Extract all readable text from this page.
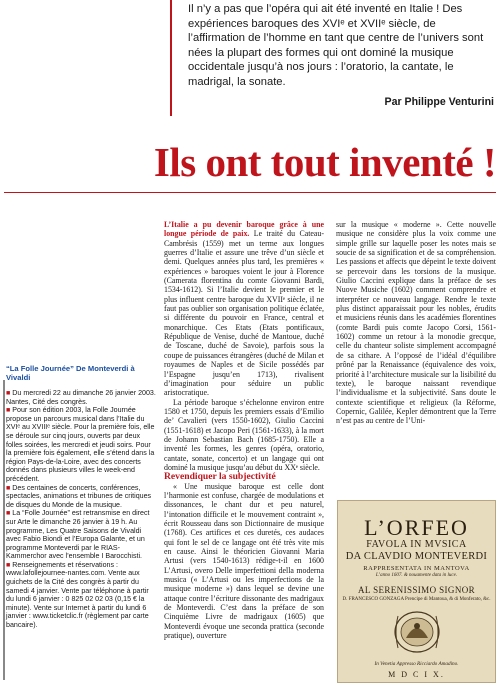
Il n’y a pas que l’opéra qui ait été inventé en Italie ! Des expériences baroques des XVIᵉ et XVIIᵉ siècle, de l’affirmation de l’homme en tant que centre de l’univers sont nées la plupart des formes qui ont dominé la musique occidentale jusqu’à nos jours : l’oratorio, la cantate, le madrigal, la sonate.
Par Philippe Venturini
Ils ont tout inventé !
“La Folle Journée” De Monteverdi à Vivaldi

■ Du mercredi 22 au dimanche 26 janvier 2003. Nantes, Cité des congrès.

■ Pour son édition 2003, la Folle Journée propose un parcours musical dans l’Italie du XVIᵉ au XVIIIᵉ siècle. Pour la première fois, elle se déroule sur cinq jours, ouverts par deux folles soirées, les mercredi et jeudi soirs. Pour la première fois également, elle s’étend dans la région Pays-de-la-Loire, avec des concerts donnés dans plusieurs villes le week-end précédent.

■ Des centaines de concerts, conférences, spectacles, animations et tribunes de critiques de disques du Monde de la musique.

■ La “Folle Journée” est retransmise en direct sur Arte le dimanche 26 janvier à 19 h. Au programme, Les Quatre Saisons de Vivaldi avec Fabio Biondi et l’Europa Galante, et un programme Monteverdi par le RIAS-Kammerchor avec l’ensemble I Barocchisti.

■ Renseignements et réservations : www.lafollejournee-nantes.com. Vente aux guichets de la Cité des congrès à partir du samedi 4 janvier. Vente par téléphone à partir du lundi 6 janvier : 0 825 02 02 03 (0,15 € la minute). Vente sur Internet à partir du lundi 6 janvier : www.ticketclic.fr (règlement par carte bancaire).

L’Italie a pu devenir baroque grâce à une longue période de paix. Le traité du Cateau-Cambrésis (1559) met un terme aux longues guerres d’Italie et assure une trêve d’un siècle et demi. Quelques années plus tard, les premières « expériences » baroques voient le jour à Florence (Camerata florentina du comte Giovanni Bardi, 1534-1612). Si l’Italie devient le premier et le plus influent centre baroque du XVIIᵉ siècle, il ne faut pas oublier son organisation politique éclatée, si différente du pouvoir en France, central et monarchique. Ces Etats (Etats pontificaux, République de Venise, duché de Mantoue, duché de Toscane, duché de Savoie), parfois sous la coupe de puissances étrangères (duché de Milan et royaumes de Naples et de Sicile possédés par l’Espagne jusqu’en 1713), rivalisent d’imagination pour séduire un public aristocratique.

La période baroque s’échelonne environ entre 1580 et 1750, depuis les premiers essais d’Emilio de’ Cavalieri (vers 1550-1602), Giulio Caccini (1551-1618) et Jacopo Peri (1561-1633), à la mort de Johann Sebastian Bach (1685-1750). Elle a inventé les formes, les genres (opéra, oratorio, cantate, sonate, concerto) et un langage qui ont dominé la musique jusqu’au début du XXᵉ siècle.

Revendiquer la subjectivité

« Une musique baroque est celle dont l’harmonie est confuse, chargée de modulations et dissonances, le chant dur et peu naturel, l’intonation difficile et le mouvement contraint », écrit Rousseau dans son Dictionnaire de musique (1768). Ces artifices et ces duretés, ces audaces qui font le sel de ce langage ont été très vite mis en cause. Ainsi le théoricien Giovanni Maria Artusi (vers 1540-1613) rédige-t-il en 1600 L’Artusi, overo Delle imperfettioni della moderna musica (« L’Artusi ou les imperfections de la musique moderne ») dans lequel se devine une attaque contre l’écriture dissonante des madrigaux de Monteverdi. C’est dans la préface de son Cinquième Livre de madrigaux (1605) que Monteverdi évoque une seconda prattica (seconde pratique), ouverture

sur la musique « moderne ». Cette nouvelle musique ne considère plus la voix comme une simple grille sur laquelle poser les notes mais se soucie de sa signification et de sa compréhension. Les passions et affects que dépeint le texte doivent se percevoir dans les torsions de la musique. Giulio Caccini explique dans la préface de ses Nuove Musiche (1602) comment comprendre et interpréter ce nouveau langage. Rendre le texte plus distinct apparaissait pour les nobles, érudits et musiciens réunis dans les académies florentines (comte Bardi puis comte Jacopo Corsi, 1561-1602) comme un retour à la monodie grecque, celle du chanteur soliste simplement accompagné de sa cithare. A l’opposé de l’idéal d’équilibre prôné par la Renaissance (équivalence des voix, priorité à l’architecture musicale sur la lisibilité du texte), le baroque naissant revendique l’individualisme et la subjectivité. Sans doute le contexte scientifique et religieux (la Réforme, Copernic, Galilée, Kepler démontrent que la Terre n’est pas au centre de l’Uni-

L’ORFEO
FAVOLA IN MVSICA
DA CLAVDIO MONTEVERDI
RAPPRESENTATA IN MANTOVA
L’anno 1607. & nouamente data in luce.
AL SERENISSIMO SIGNOR
D. FRANCESCO GONZAGA Prencipe di Mantoua, & di Monferato, &c.
In Venetia Appresso Ricciardo Amadino.
M D C I X.
